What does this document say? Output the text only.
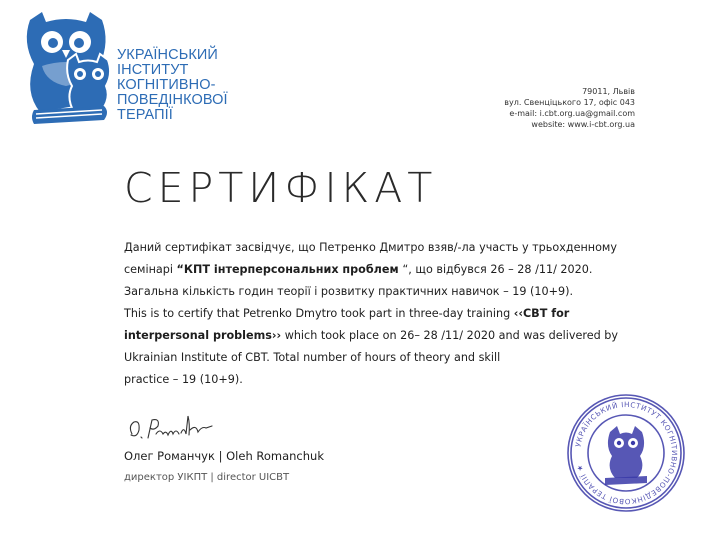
УКРАЇНСЬКИЙ
ІНСТИТУТ
КОГНІТИВНО-
ПОВЕДІНКОВОЇ
ТЕРАПІЇ
79011, Львів
вул. Свенціцького 17, офіс 043
e-mail: i.cbt.org.ua@gmail.com
website: www.i-cbt.org.ua
СЕРТИФІКАТ

Даний сертифікат засвідчує, що Петренко Дмитро взяв/-ла участь у трьохденному семінарі “КПТ інтерперсональних проблем “, що відбувся 26 – 28 /11/ 2020. Загальна кількість годин теорії і розвитку практичних навичок – 19 (10+9).

This is to certify that Petrenko Dmytro took part in three-day training ‹‹CBT for interpersonal problems›› which took place on 26– 28 /11/ 2020 and was delivered by Ukrainian Institute of CBT. Total number of hours of theory and skill

practice – 19 (10+9).

Олег Романчук | Oleh Romanchuk
директор УІКПТ | director UICBT
УКРАЇНСЬКИЙ ІНСТИТУТ КОГНІТИВНО-ПОВЕДІНКОВОЇ ТЕРАПІЇ ★
